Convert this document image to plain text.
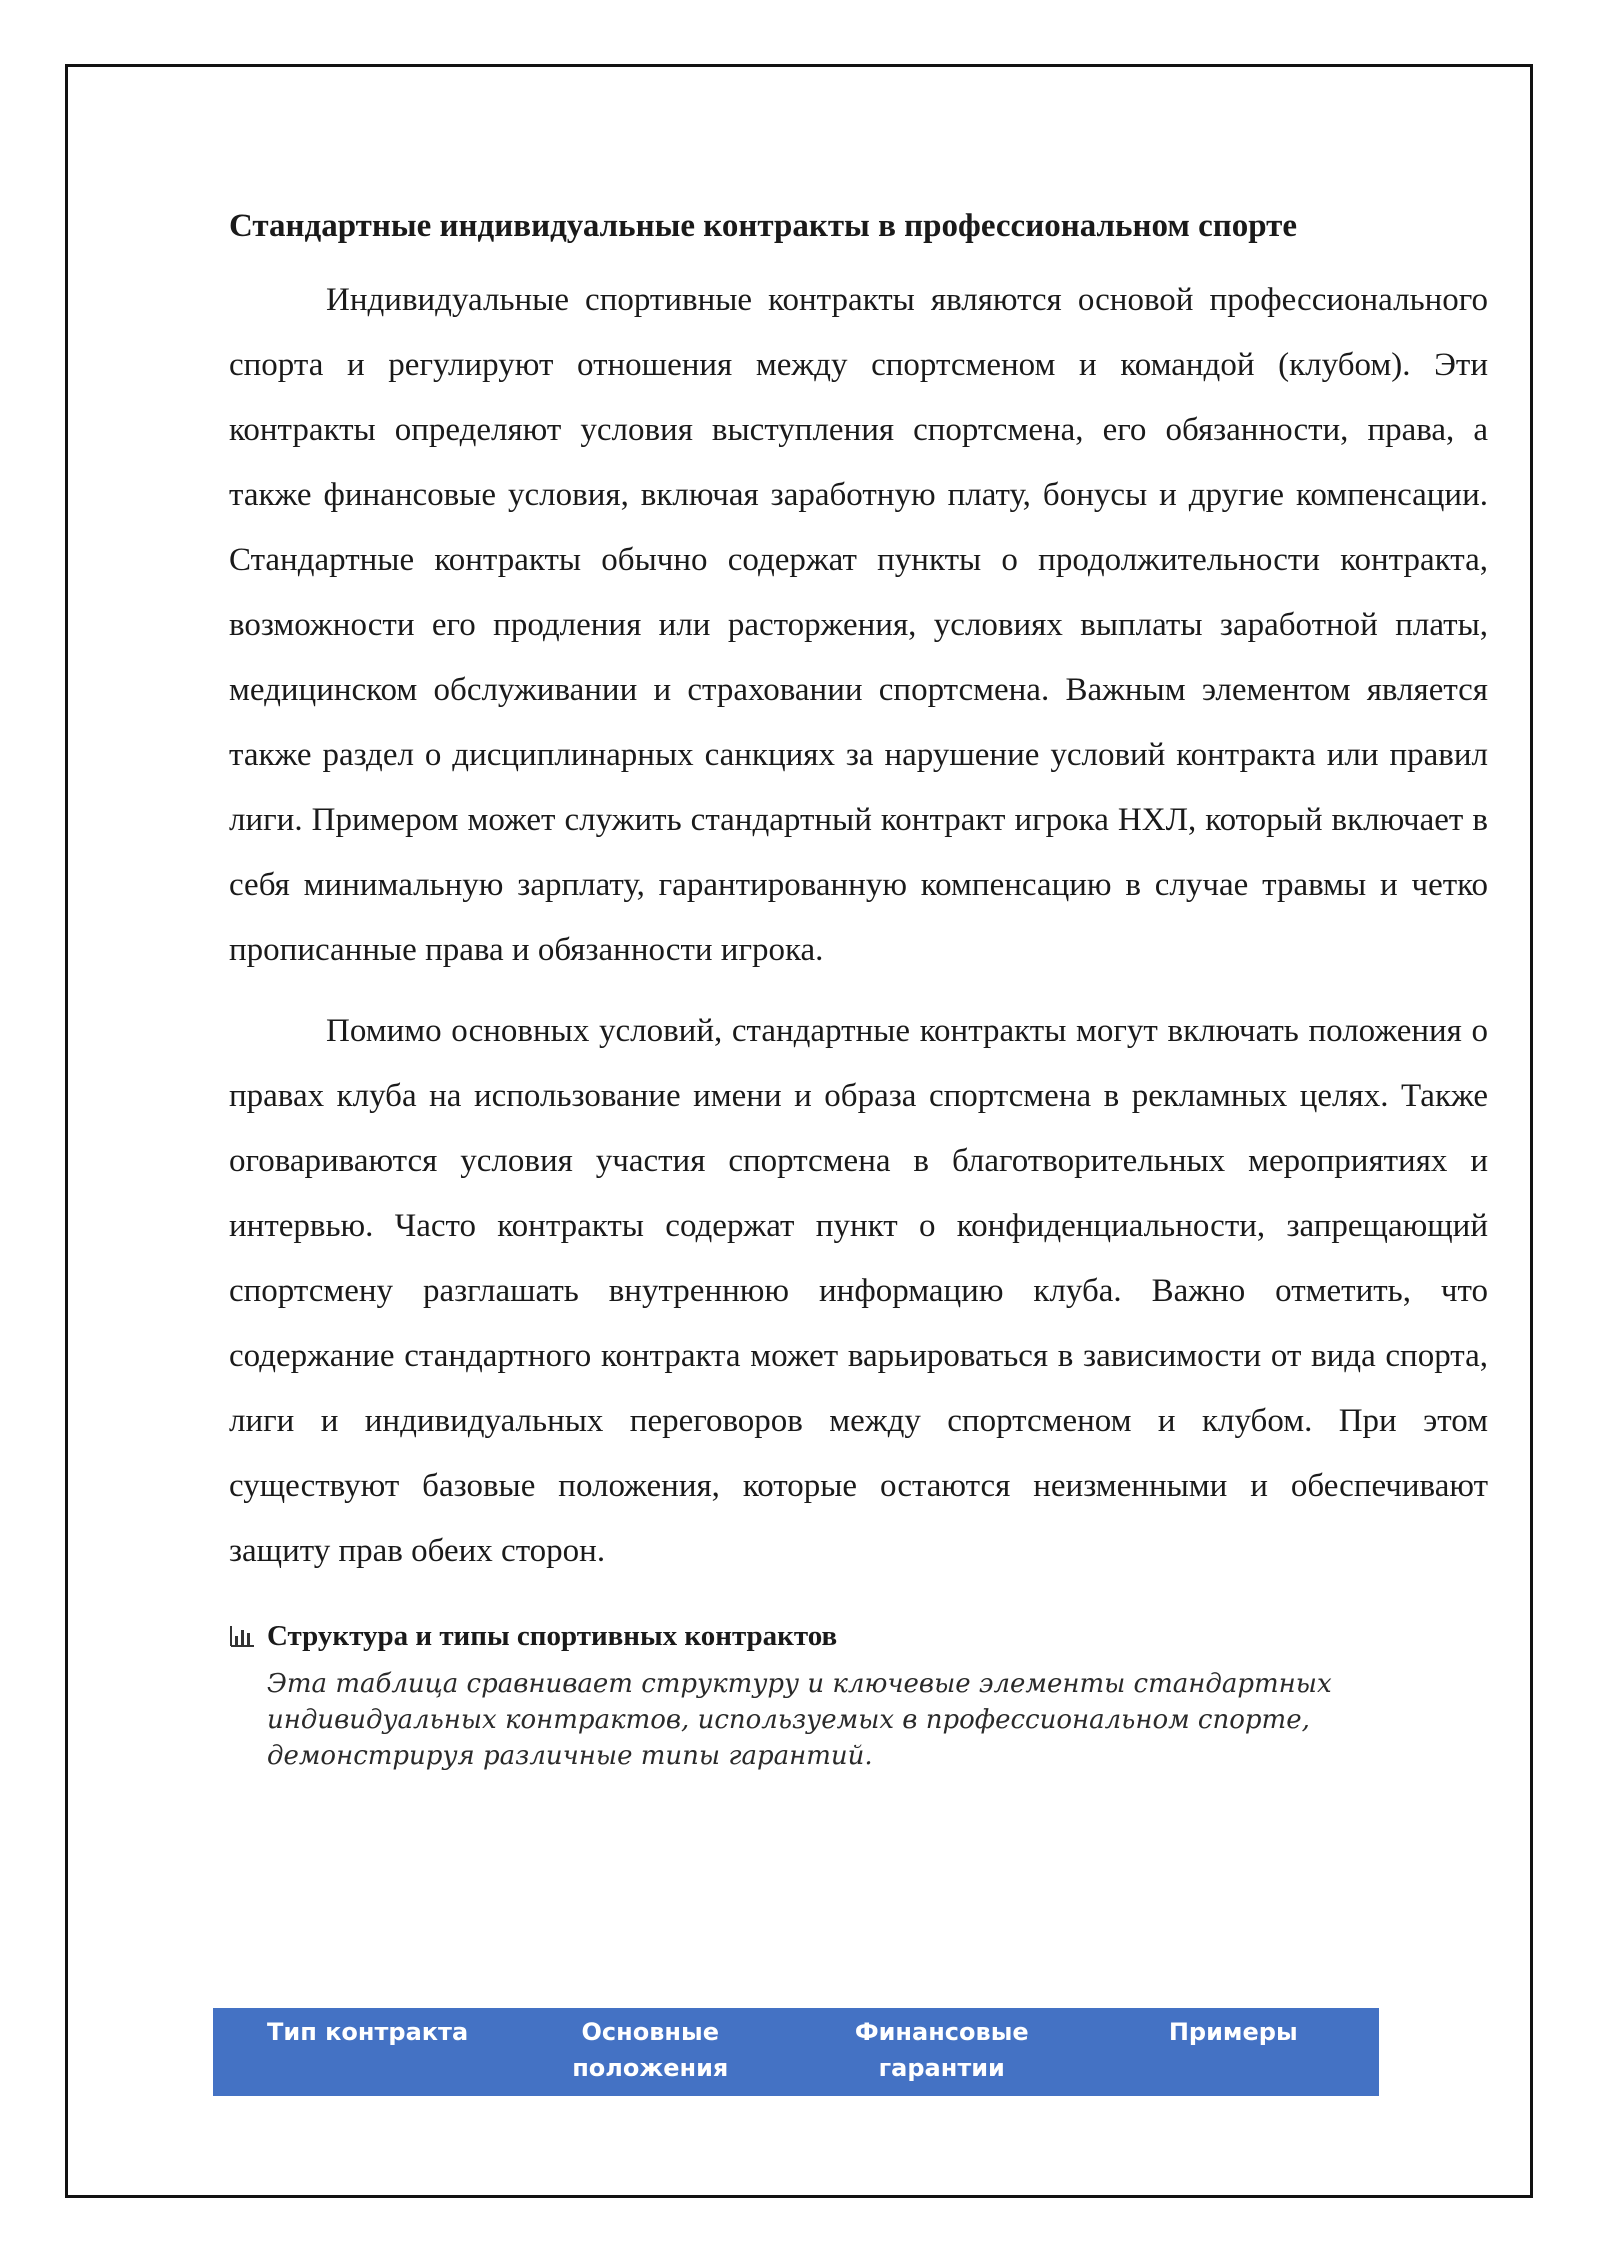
Стандартные индивидуальные контракты в профессиональном спорте

Индивидуальные спортивные контракты являются основой профессионального спорта и регулируют отношения между спортсменом и командой (клубом). Эти контракты определяют условия выступления спортсмена, его обязанности, права, а также финансовые условия, включая заработную плату, бонусы и другие компенсации. Стандартные контракты обычно содержат пункты о продолжительности контракта, возможности его продления или расторжения, условиях выплаты заработной платы, медицинском обслуживании и страховании спортсмена. Важным элементом является также раздел о дисциплинарных санкциях за нарушение условий контракта или правил лиги. Примером может служить стандартный контракт игрока НХЛ, который включает в себя минимальную зарплату, гарантированную компенсацию в случае травмы и четко прописанные права и обязанности игрока.

Помимо основных условий, стандартные контракты могут включать положения о правах клуба на использование имени и образа спортсмена в рекламных целях. Также оговариваются условия участия спортсмена в благотворительных мероприятиях и интервью. Часто контракты содержат пункт о конфиденциальности, запрещающий спортсмену разглашать внутреннюю информацию клуба. Важно отметить, что содержание стандартного контракта может варьироваться в зависимости от вида спорта, лиги и индивидуальных переговоров между спортсменом и клубом. При этом существуют базовые положения, которые остаются неизменными и обеспечивают защиту прав обеих сторон.

Структура и типы спортивных контрактов
Эта таблица сравнивает структуру и ключевые элементы стандартных индивидуальных контрактов, используемых в профессиональном спорте, демонстрируя различные типы гарантий.
Тип контракта	Основные положения	Финансовые гарантии	Примеры
